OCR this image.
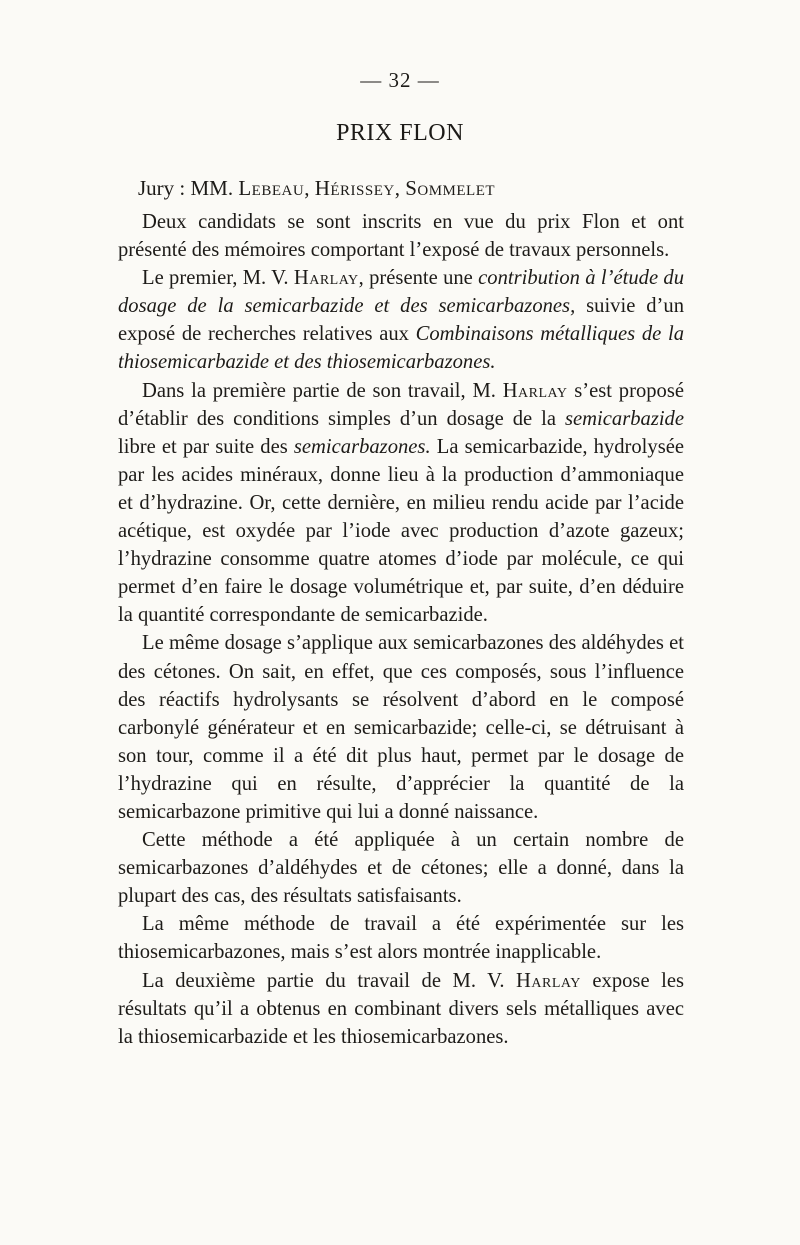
— 32 —
PRIX FLON
Jury : MM. Lebeau, Hérissey, Sommelet

Deux candidats se sont inscrits en vue du prix Flon et ont présenté des mémoires comportant l’exposé de travaux personnels.

Le premier, M. V. Harlay, présente une contribution à l’étude du dosage de la semicarbazide et des semicarbazones, suivie d’un exposé de recherches relatives aux Combinaisons métalliques de la thiosemicarbazide et des thiosemicarbazones.

Dans la première partie de son travail, M. Harlay s’est proposé d’établir des conditions simples d’un dosage de la semicarbazide libre et par suite des semicarbazones. La semicarbazide, hydrolysée par les acides minéraux, donne lieu à la production d’ammoniaque et d’hydrazine. Or, cette dernière, en milieu rendu acide par l’acide acétique, est oxydée par l’iode avec production d’azote gazeux; l’hydrazine consomme quatre atomes d’iode par molécule, ce qui permet d’en faire le dosage volumétrique et, par suite, d’en déduire la quantité correspondante de semicarbazide.

Le même dosage s’applique aux semicarbazones des aldéhydes et des cétones. On sait, en effet, que ces composés, sous l’influence des réactifs hydrolysants se résolvent d’abord en le composé carbonylé générateur et en semicarbazide; celle-ci, se détruisant à son tour, comme il a été dit plus haut, permet par le dosage de l’hydrazine qui en résulte, d’apprécier la quantité de la semicarbazone primitive qui lui a donné naissance.

Cette méthode a été appliquée à un certain nombre de semicarbazones d’aldéhydes et de cétones; elle a donné, dans la plupart des cas, des résultats satisfaisants.

La même méthode de travail a été expérimentée sur les thiosemicarbazones, mais s’est alors montrée inapplicable.

La deuxième partie du travail de M. V. Harlay expose les résultats qu’il a obtenus en combinant divers sels métalliques avec la thiosemicarbazide et les thiosemicarbazones.
